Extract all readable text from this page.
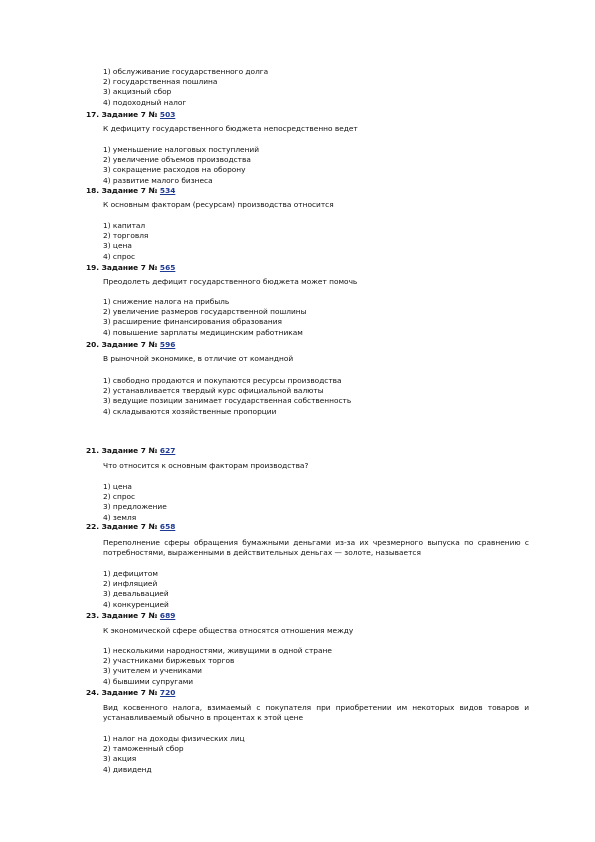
1) обслуживание государственного долга
2) государственная пошлина
3) акцизный сбор
4) подоходный налог
17. Задание 7 № 503
К дефициту государственного бюджета непосредственно ведет
1) уменьшение налоговых поступлений
2) увеличение объемов производства
3) сокращение расходов на оборону
4) развитие малого бизнеса
18. Задание 7 № 534
К основным факторам (ресурсам) производства относится
1) капитал
2) торговля
3) цена
4) спрос
19. Задание 7 № 565
Преодолеть дефицит государственного бюджета может помочь
1) снижение налога на прибыль
2) увеличение размеров государственной пошлины
3) расширение финансирования образования
4) повышение зарплаты медицинским работникам
20. Задание 7 № 596
В рыночной экономике, в отличие от командной
1) свободно продаются и покупаются ресурсы производства
2) устанавливается твердый курс официальной валюты
3) ведущие позиции занимает государственная собственность
4) складываются хозяйственные пропорции
21. Задание 7 № 627
Что относится к основным факторам производства?
1) цена
2) спрос
3) предложение
4) земля
22. Задание 7 № 658
Переполнение сферы обращения бумажными деньгами из-за их чрезмерного выпуска по сравнению с потребностями, выраженными в действительных деньгах — золоте, называется
1) дефицитом
2) инфляцией
3) девальвацией
4) конкуренцией
23. Задание 7 № 689
К экономической сфере общества относятся отношения между
1) несколькими народностями, живущими в одной стране
2) участниками биржевых торгов
3) учителем и учениками
4) бывшими супругами
24. Задание 7 № 720
Вид косвенного налога, взимаемый с покупателя при приобретении им некоторых видов товаров и устанавливаемый обычно в процентах к этой цене
1) налог на доходы физических лиц
2) таможенный сбор
3) акция
4) дивиденд
